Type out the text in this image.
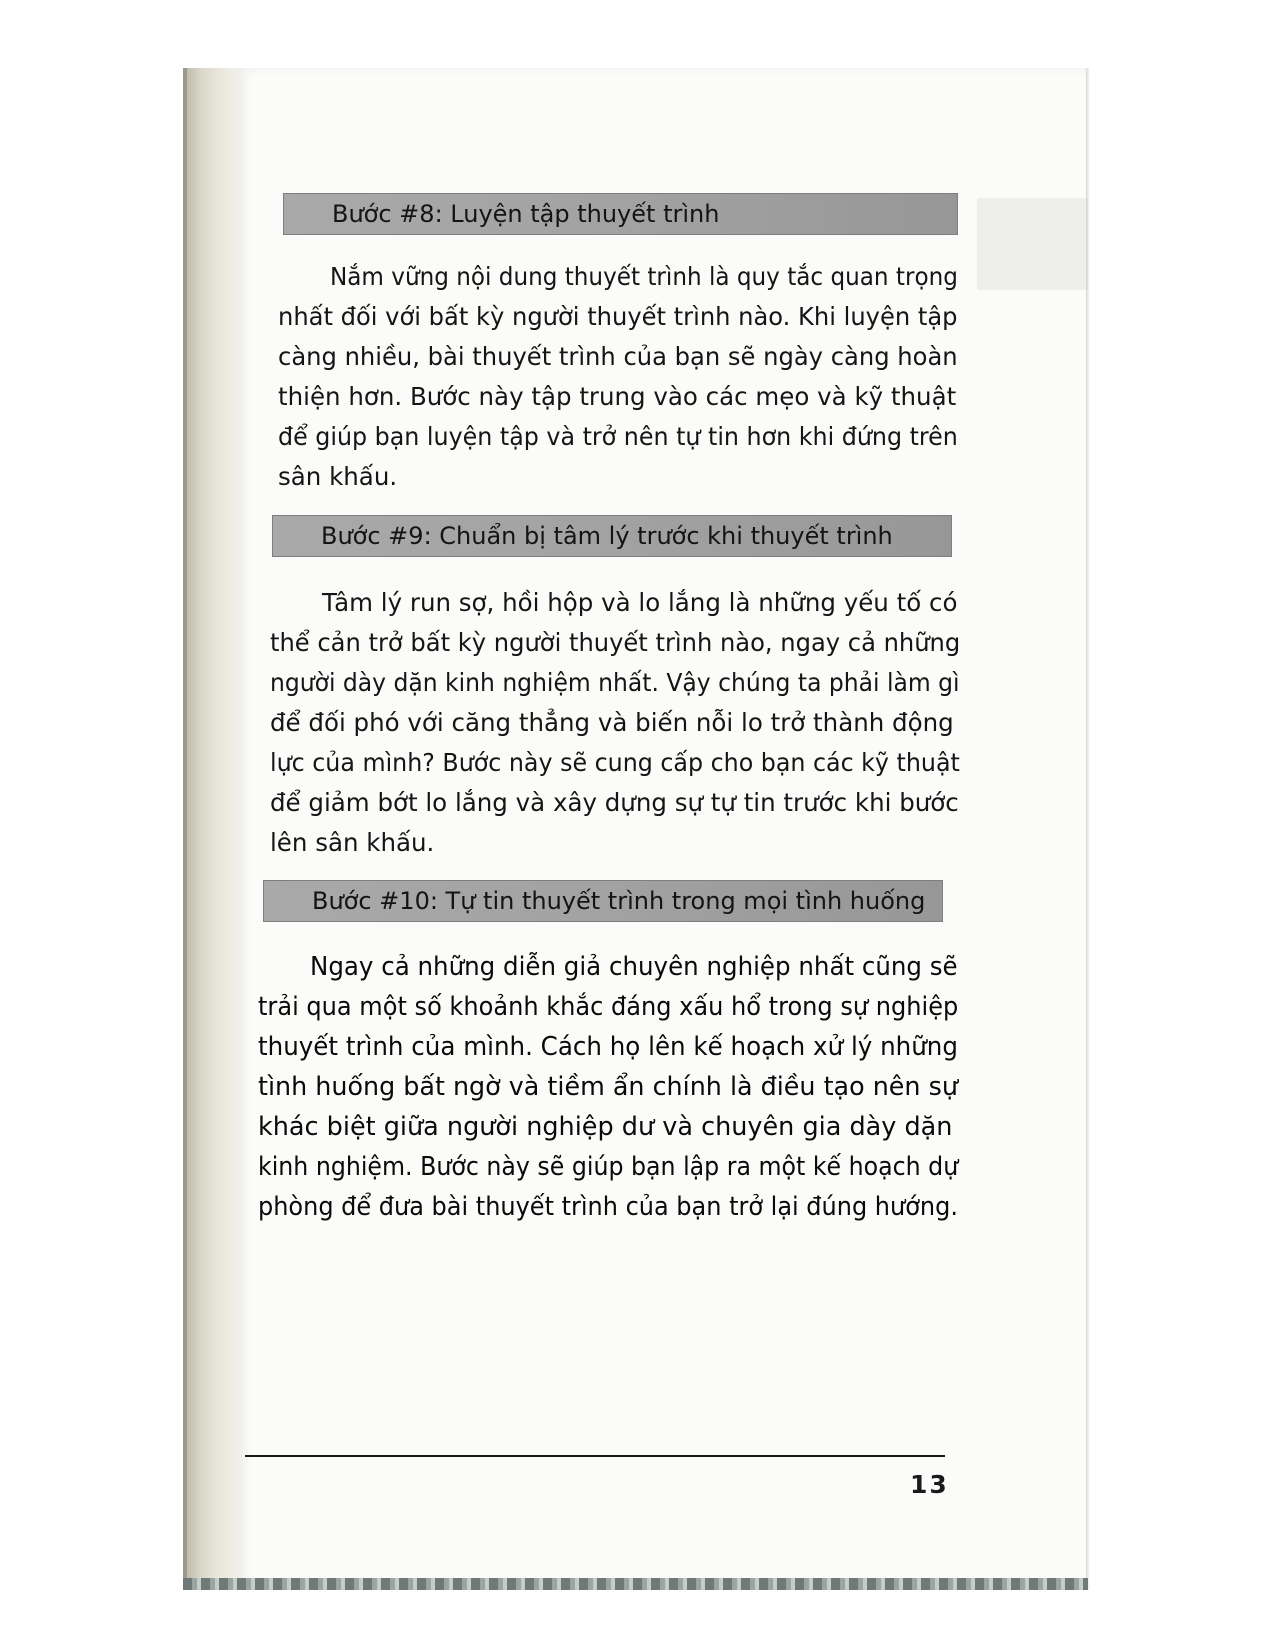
Bước #8: Luyện tập thuyết trình
Nắm vững nội dung thuyết trình là quy tắc quan trọng
nhất đối với bất kỳ người thuyết trình nào. Khi luyện tập
càng nhiều, bài thuyết trình của bạn sẽ ngày càng hoàn
thiện hơn. Bước này tập trung vào các mẹo và kỹ thuật
để giúp bạn luyện tập và trở nên tự tin hơn khi đứng trên
sân khấu.
Bước #9: Chuẩn bị tâm lý trước khi thuyết trình
Tâm lý run sợ, hồi hộp và lo lắng là những yếu tố có
thể cản trở bất kỳ người thuyết trình nào, ngay cả những
người dày dặn kinh nghiệm nhất. Vậy chúng ta phải làm gì
để đối phó với căng thẳng và biến nỗi lo trở thành động
lực của mình? Bước này sẽ cung cấp cho bạn các kỹ thuật
để giảm bớt lo lắng và xây dựng sự tự tin trước khi bước
lên sân khấu.
Bước #10: Tự tin thuyết trình trong mọi tình huống
Ngay cả những diễn giả chuyên nghiệp nhất cũng sẽ
trải qua một số khoảnh khắc đáng xấu hổ trong sự nghiệp
thuyết trình của mình. Cách họ lên kế hoạch xử lý những
tình huống bất ngờ và tiềm ẩn chính là điều tạo nên sự
khác biệt giữa người nghiệp dư và chuyên gia dày dặn
kinh nghiệm. Bước này sẽ giúp bạn lập ra một kế hoạch dự
phòng để đưa bài thuyết trình của bạn trở lại đúng hướng.
13
